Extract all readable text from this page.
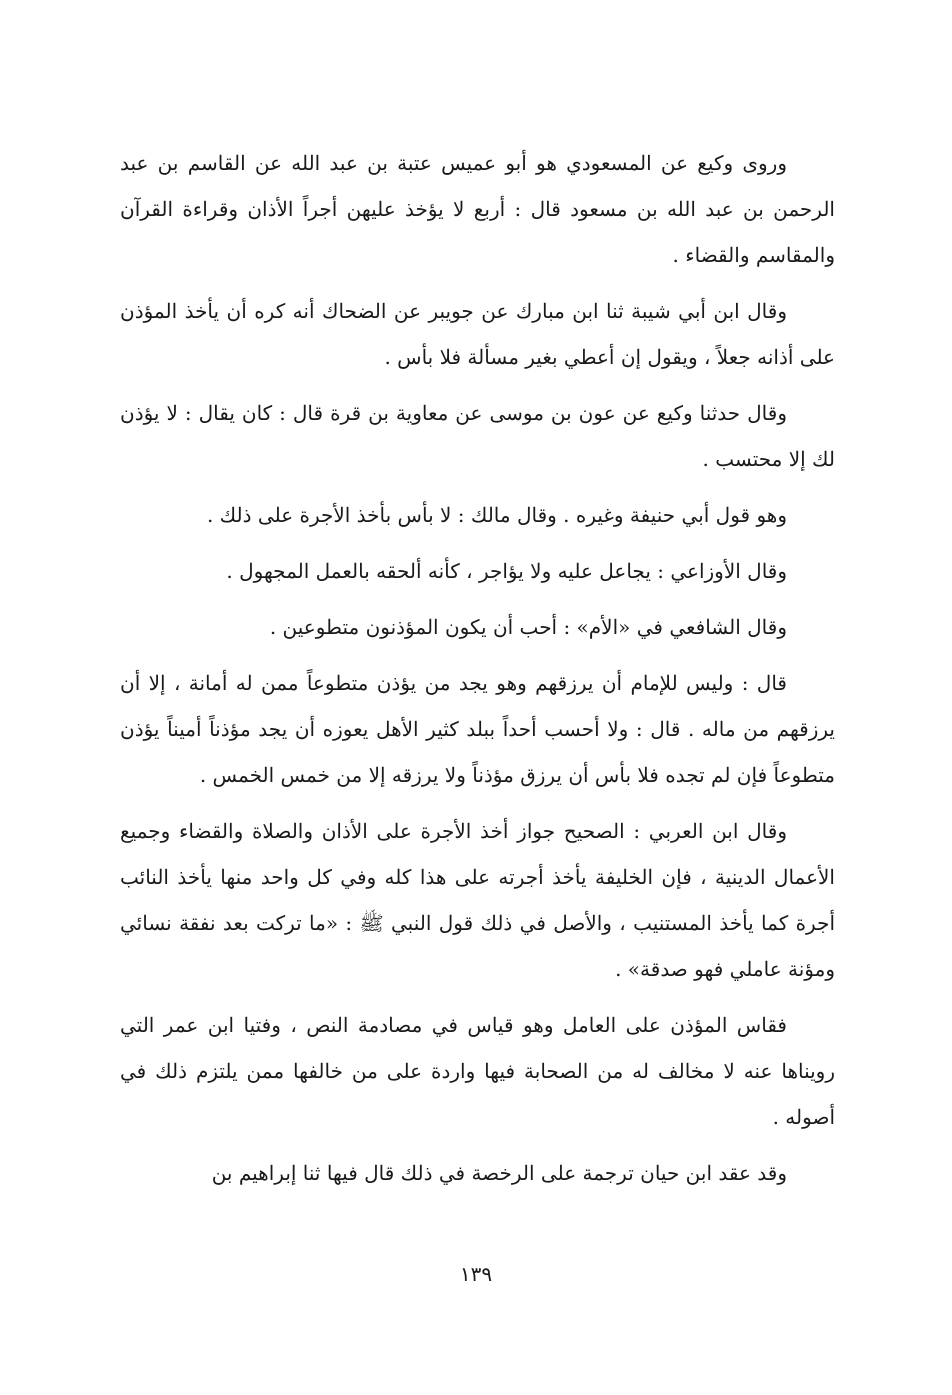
وروى وكيع عن المسعودي هو أبو عميس عتبة بن عبد الله عن القاسم بن عبد الرحمن بن عبد الله بن مسعود قال : أربع لا يؤخذ عليهن أجراً الأذان وقراءة القرآن والمقاسم والقضاء .

وقال ابن أبي شيبة ثنا ابن مبارك عن جويبر عن الضحاك أنه كره أن يأخذ المؤذن على أذانه جعلاً ، ويقول إن أعطي بغير مسألة فلا بأس .

وقال حدثنا وكيع عن عون بن موسى عن معاوية بن قرة قال : كان يقال : لا يؤذن لك إلا محتسب .

وهو قول أبي حنيفة وغيره . وقال مالك : لا بأس بأخذ الأجرة على ذلك .

وقال الأوزاعي : يجاعل عليه ولا يؤاجر ، كأنه ألحقه بالعمل المجهول .

وقال الشافعي في «الأم» : أحب أن يكون المؤذنون متطوعين .

قال : وليس للإمام أن يرزقهم وهو يجد من يؤذن متطوعاً ممن له أمانة ، إلا أن يرزقهم من ماله . قال : ولا أحسب أحداً ببلد كثير الأهل يعوزه أن يجد مؤذناً أميناً يؤذن متطوعاً فإن لم تجده فلا بأس أن يرزق مؤذناً ولا يرزقه إلا من خمس الخمس .

وقال ابن العربي : الصحيح جواز أخذ الأجرة على الأذان والصلاة والقضاء وجميع الأعمال الدينية ، فإن الخليفة يأخذ أجرته على هذا كله وفي كل واحد منها يأخذ النائب أجرة كما يأخذ المستنيب ، والأصل في ذلك قول النبي ﷺ : «ما تركت بعد نفقة نسائي ومؤنة عاملي فهو صدقة» .

فقاس المؤذن على العامل وهو قياس في مصادمة النص ، وفتيا ابن عمر التي رويناها عنه لا مخالف له من الصحابة فيها واردة على من خالفها ممن يلتزم ذلك في أصوله .

وقد عقد ابن حيان ترجمة على الرخصة في ذلك قال فيها ثنا إبراهيم بن

١٣٩
